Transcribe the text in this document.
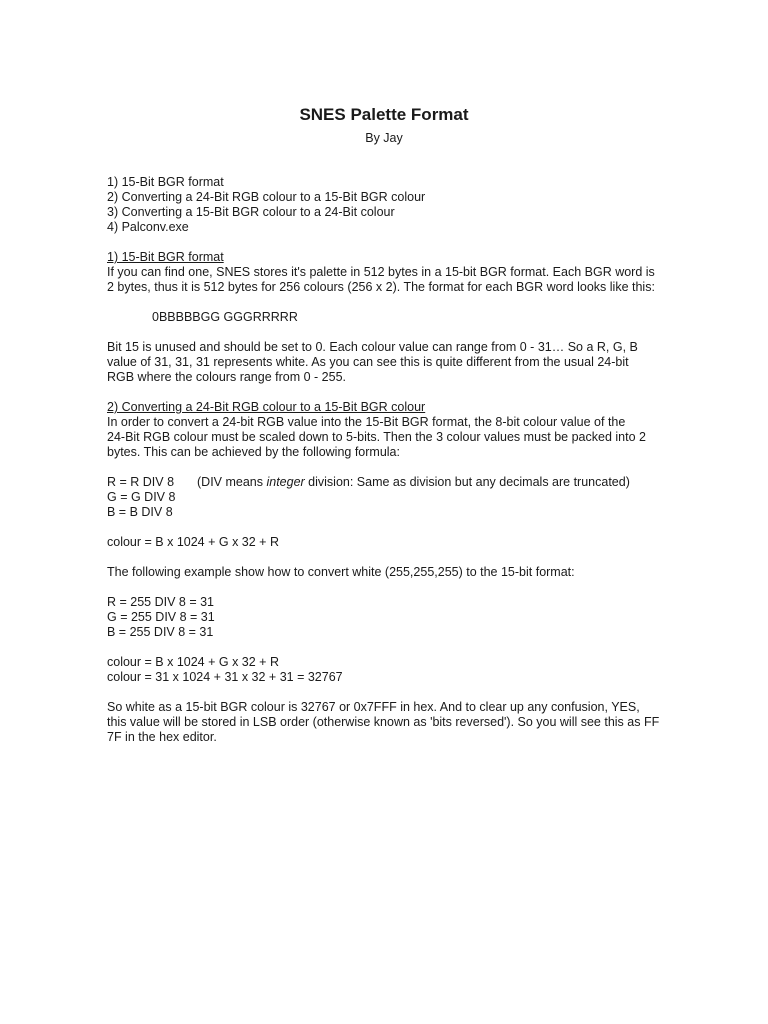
SNES Palette Format
By Jay
1) 15-Bit BGR format
2) Converting a 24-Bit RGB colour to a 15-Bit BGR colour
3) Converting a 15-Bit BGR colour to a 24-Bit colour
4) Palconv.exe
1) 15-Bit BGR format
If you can find one, SNES stores it's palette in 512 bytes in a 15-bit BGR format. Each BGR word is
2 bytes, thus it is 512 bytes for 256 colours (256 x 2). The format for each BGR word looks like this:
0BBBBBGG GGGRRRRR
Bit 15 is unused and should be set to 0. Each colour value can range from 0 - 31… So a R, G, B
value of 31, 31, 31 represents white. As you can see this is quite different from the usual 24-bit
RGB where the colours range from 0 - 255.
2) Converting a 24-Bit RGB colour to a 15-Bit BGR colour
In order to convert a 24-bit RGB value into the 15-Bit BGR format, the 8-bit colour value of the
24-Bit RGB colour must be scaled down to 5-bits. Then the 3 colour values must be packed into 2
bytes. This can be achieved by the following formula:
R = R DIV 8 (DIV means integer division: Same as division but any decimals are truncated)
G = G DIV 8
B = B DIV 8
colour = B x 1024 + G x 32 + R
The following example show how to convert white (255,255,255) to the 15-bit format:
R = 255 DIV 8 = 31
G = 255 DIV 8 = 31
B = 255 DIV 8 = 31
colour = B x 1024 + G x 32 + R
colour = 31 x 1024 + 31 x 32 + 31 = 32767
So white as a 15-bit BGR colour is 32767 or 0x7FFF in hex. And to clear up any confusion, YES,
this value will be stored in LSB order (otherwise known as 'bits reversed'). So you will see this as FF
7F in the hex editor.
